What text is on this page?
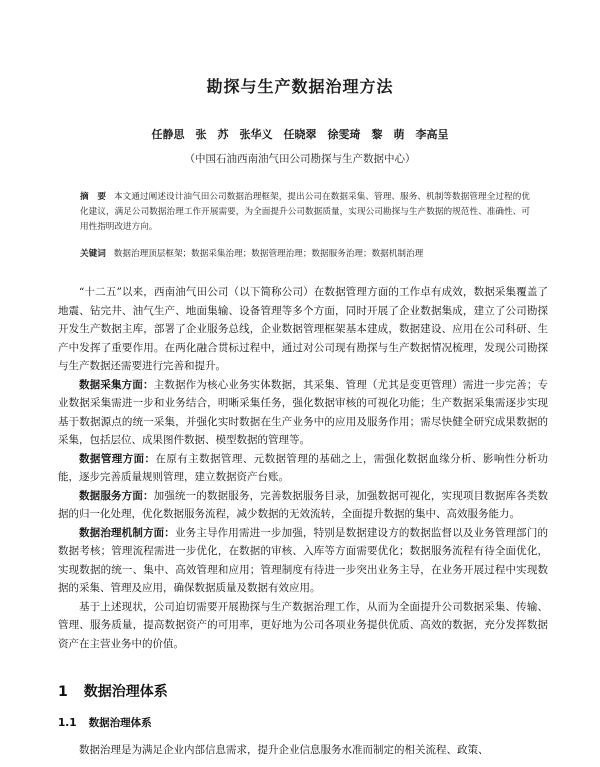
勘探与生产数据治理方法
任静思　张　苏　张华义　任晓翠　徐雯琦　黎　萌　李高呈
（中国石油西南油气田公司勘探与生产数据中心）
摘　要 本文通过阐述设计油气田公司数据治理框架，提出公司在数据采集、管理、服务、机制等数据管理全过程的优化建议，满足公司数据治理工作开展需要，为全面提升公司数据质量，实现公司勘探与生产数据的规范性、准确性、可用性指明改进方向。
关键词 数据治理顶层框架；数据采集治理；数据管理治理；数据服务治理；数据机制治理

“十二五”以来，西南油气田公司（以下简称公司）在数据管理方面的工作卓有成效，数据采集覆盖了地震、钻完井、油气生产、地面集输、设备管理等多个方面，同时开展了企业数据集成，建立了公司勘探开发生产数据主库，部署了企业服务总线，企业数据管理框架基本建成，数据建设、应用在公司科研、生产中发挥了重要作用。在两化融合贯标过程中，通过对公司现有勘探与生产数据情况梳理，发现公司勘探与生产数据还需要进行完善和提升。

数据采集方面：主数据作为核心业务实体数据，其采集、管理（尤其是变更管理）需进一步完善；专业数据采集需进一步和业务结合，明晰采集任务，强化数据审核的可视化功能；生产数据采集需逐步实现基于数据源点的统一采集，并强化实时数据在生产业务中的应用及服务作用；需尽快健全研究成果数据的采集，包括层位、成果图件数据、模型数据的管理等。

数据管理方面：在原有主数据管理、元数据管理的基础之上，需强化数据血缘分析、影响性分析功能，逐步完善质量规则管理，建立数据资产台账。

数据服务方面：加强统一的数据服务，完善数据服务目录，加强数据可视化，实现项目数据库各类数据的归一化处理，优化数据服务流程，减少数据的无效流转，全面提升数据的集中、高效服务能力。

数据治理机制方面：业务主导作用需进一步加强，特别是数据建设方的数据监督以及业务管理部门的数据考核；管理流程需进一步优化，在数据的审核、入库等方面需要优化；数据服务流程有待全面优化，实现数据的统一、集中、高效管理和应用；管理制度有待进一步突出业务主导，在业务开展过程中实现数据的采集、管理及应用，确保数据质量及数据有效应用。

基于上述现状，公司迫切需要开展勘探与生产数据治理工作，从而为全面提升公司数据采集、传输、管理、服务质量，提高数据资产的可用率，更好地为公司各项业务提供优质、高效的数据，充分发挥数据资产在主营业务中的价值。

1 数据治理体系
1.1 数据治理体系
数据治理是为满足企业内部信息需求，提升企业信息服务水准而制定的相关流程、政策、
